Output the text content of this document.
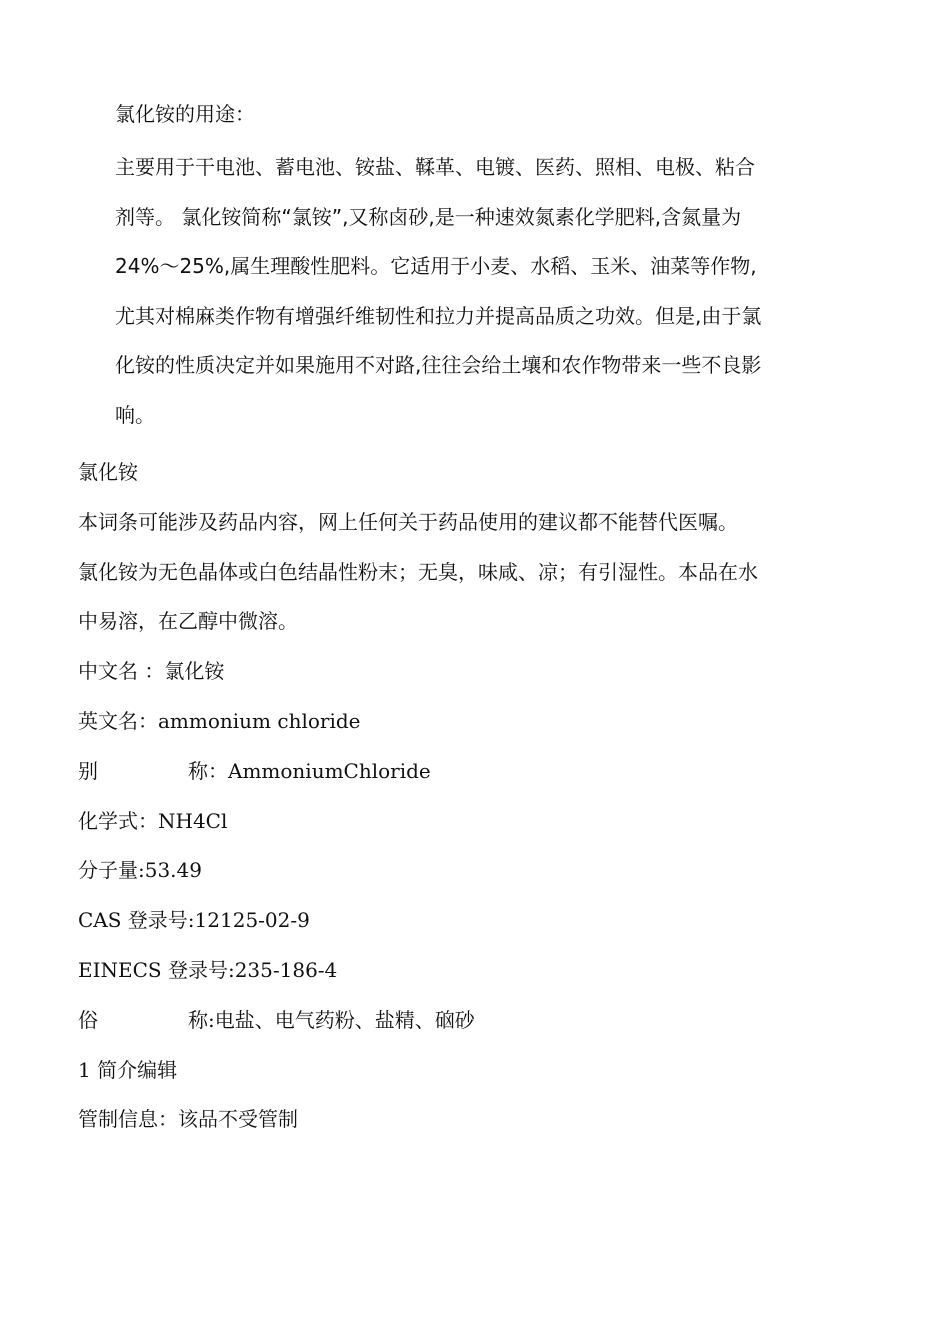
氯化铵的用途：
主要用于干电池、蓄电池、铵盐、鞣革、电镀、医药、照相、电极、粘合
剂等。 氯化铵简称“氯铵”,又称卤砂,是一种速效氮素化学肥料,含氮量为
24%～25%,属生理酸性肥料。它适用于小麦、水稻、玉米、油菜等作物,
尤其对棉麻类作物有增强纤维韧性和拉力并提高品质之功效。但是,由于氯
化铵的性质决定并如果施用不对路,往往会给土壤和农作物带来一些不良影
响。
氯化铵
本词条可能涉及药品内容，网上任何关于药品使用的建议都不能替代医嘱。
氯化铵为无色晶体或白色结晶性粉末；无臭，味咸、凉；有引湿性。本品在水
中易溶，在乙醇中微溶。
中文名 ：氯化铵
英文名：ammonium chloride
别	称：AmmoniumChloride
化学式：NH4Cl
分子量:53.49
CAS 登录号:12125-02-9
EINECS 登录号:235-186-4
俗	称:电盐、电气药粉、盐精、硇砂
1 简介编辑
管制信息：该品不受管制
